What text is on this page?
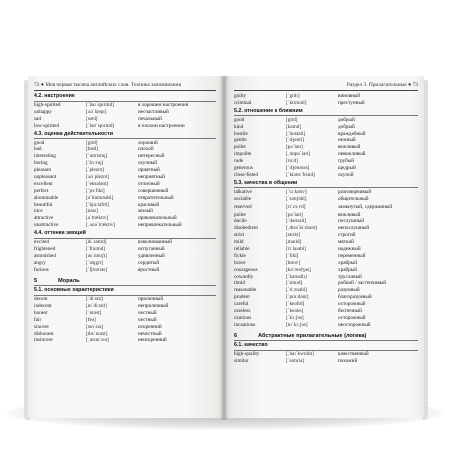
72 ● Моя первая тысяча английских слов. Техника запоминания
4.2. настроение
high-spirited	[ˈhaɪˈspɪrɪtɪd]	в хорошем настроении
unhappy	[ʌnˈhæpɪ]	несчастливый
sad	[sæd]	печальный
low-spirited	[ˈləʊˈspɪrɪtɪd]	в плохом настроении
4.3. оценка действительности
good	[gʊd]	хороший
bad	[bæd]	плохой
interesting	[ˈɪntrɪstɪŋ]	интересный
boring	[ˈbɔːrɪŋ]	скучный
pleasant	[ˈpleznt]	приятный
unpleasant	[ʌnˈpleznt]	неприятный
excellent	[ˈeksələnt]	отличный
perfect	[ˈpɜːfɪkt]	совершенный
abominable	[əˈbɒmɪnəbl]	отвратительный
beautiful	[ˈbjuːtəfʊl]	красивый
nice	[naɪs]	милый
attractive	[əˈtræktɪv]	привлекательный
unattractive	[ˌʌnəˈtræktɪv]	непривлекательный
4.4. оттенки эмоций
excited	[ɪkˈsaɪtɪd]	взволнованный
frightened	[ˈfraɪtnd]	испуганный
astonished	[əsˈtɒnɪʃt]	удивленный
angry	[ˈæŋgrɪ]	сердитый
furious	[ˈfjʊərɪəs]	яростный
5	Мораль
5.1. основные характеристики
decent	[ˈdiːsnt]	приличный
indecent	[ɪnˈdiːsnt]	неприличный
honest	[ˈɒnɪst]	честный
fair	[feə]	честный
sincere	[sɪnˈsɪə]	искренний
dishonest	[dɪsˈɒnɪst]	нечестный
insincere	[ˌɪnsɪnˈsɪə]	неискренний
Раздел 3. Прилагательные ● 73
guilty	[ˈgɪltɪ]	виновный
criminal	[ˈkrɪmɪnl]	преступный
5.2. отношение к ближним
good	[gʊd]	добрый
kind	[kaɪnd]	добрый
hostile	[ˈhɒstaɪl]	враждебный
gentle	[ˈdʒentl]	нежный
polite	[pəˈlaɪt]	вежливый
impolite	[ˌɪmpəˈlaɪt]	невежливый
rude	[ruːd]	грубый
generous	[ˈdʒenərəs]	щедрый
close-fisted	[ˈkləʊsˈfɪstɪd]	скупой
5.3. качества в общении
talkative	[ˈtɔːkətɪv]	разговорчивый
sociable	[ˈsəʊʃəbl]	общительный
reserved	[rɪˈzɜːvd]	замкнутый, сдержанный
polite	[pəˈlaɪt]	вежливый
docile	[ˈdəʊsaɪl]	послушный
disobedient	[ˌdɪsəˈbiːdɪənt]	непослушный
strict	[strɪkt]	строгий
mild	[maɪld]	мягкий
reliable	[rɪˈlaɪəbl]	надежный
fickle	[ˈfɪkl]	переменный
brave	[breɪv]	храбрый
courageous	[kəˈreɪdʒəs]	храбрый
cowardly	[ˈkaʊədlɪ]	трусливый
timid	[ˈtɪmɪd]	робкий / застенчивый
reasonable	[ˈriːznəbl]	разумный
prudent	[ˈpruːdənt]	благоразумный
careful	[ˈkeəfʊl]	осторожный
careless	[ˈkeəlɪs]	беспечный
cautious	[ˈkɔːʃəs]	осторожный
incautious	[ɪnˈkɔːʃəs]	неосторожный
6	Абстрактные прилагательные (логика)
6.1. качество
high-quality	[ˌhaɪˈkwɒlɪtɪ]	качественный
similar	[ˈsɪmɪlə]	похожий
